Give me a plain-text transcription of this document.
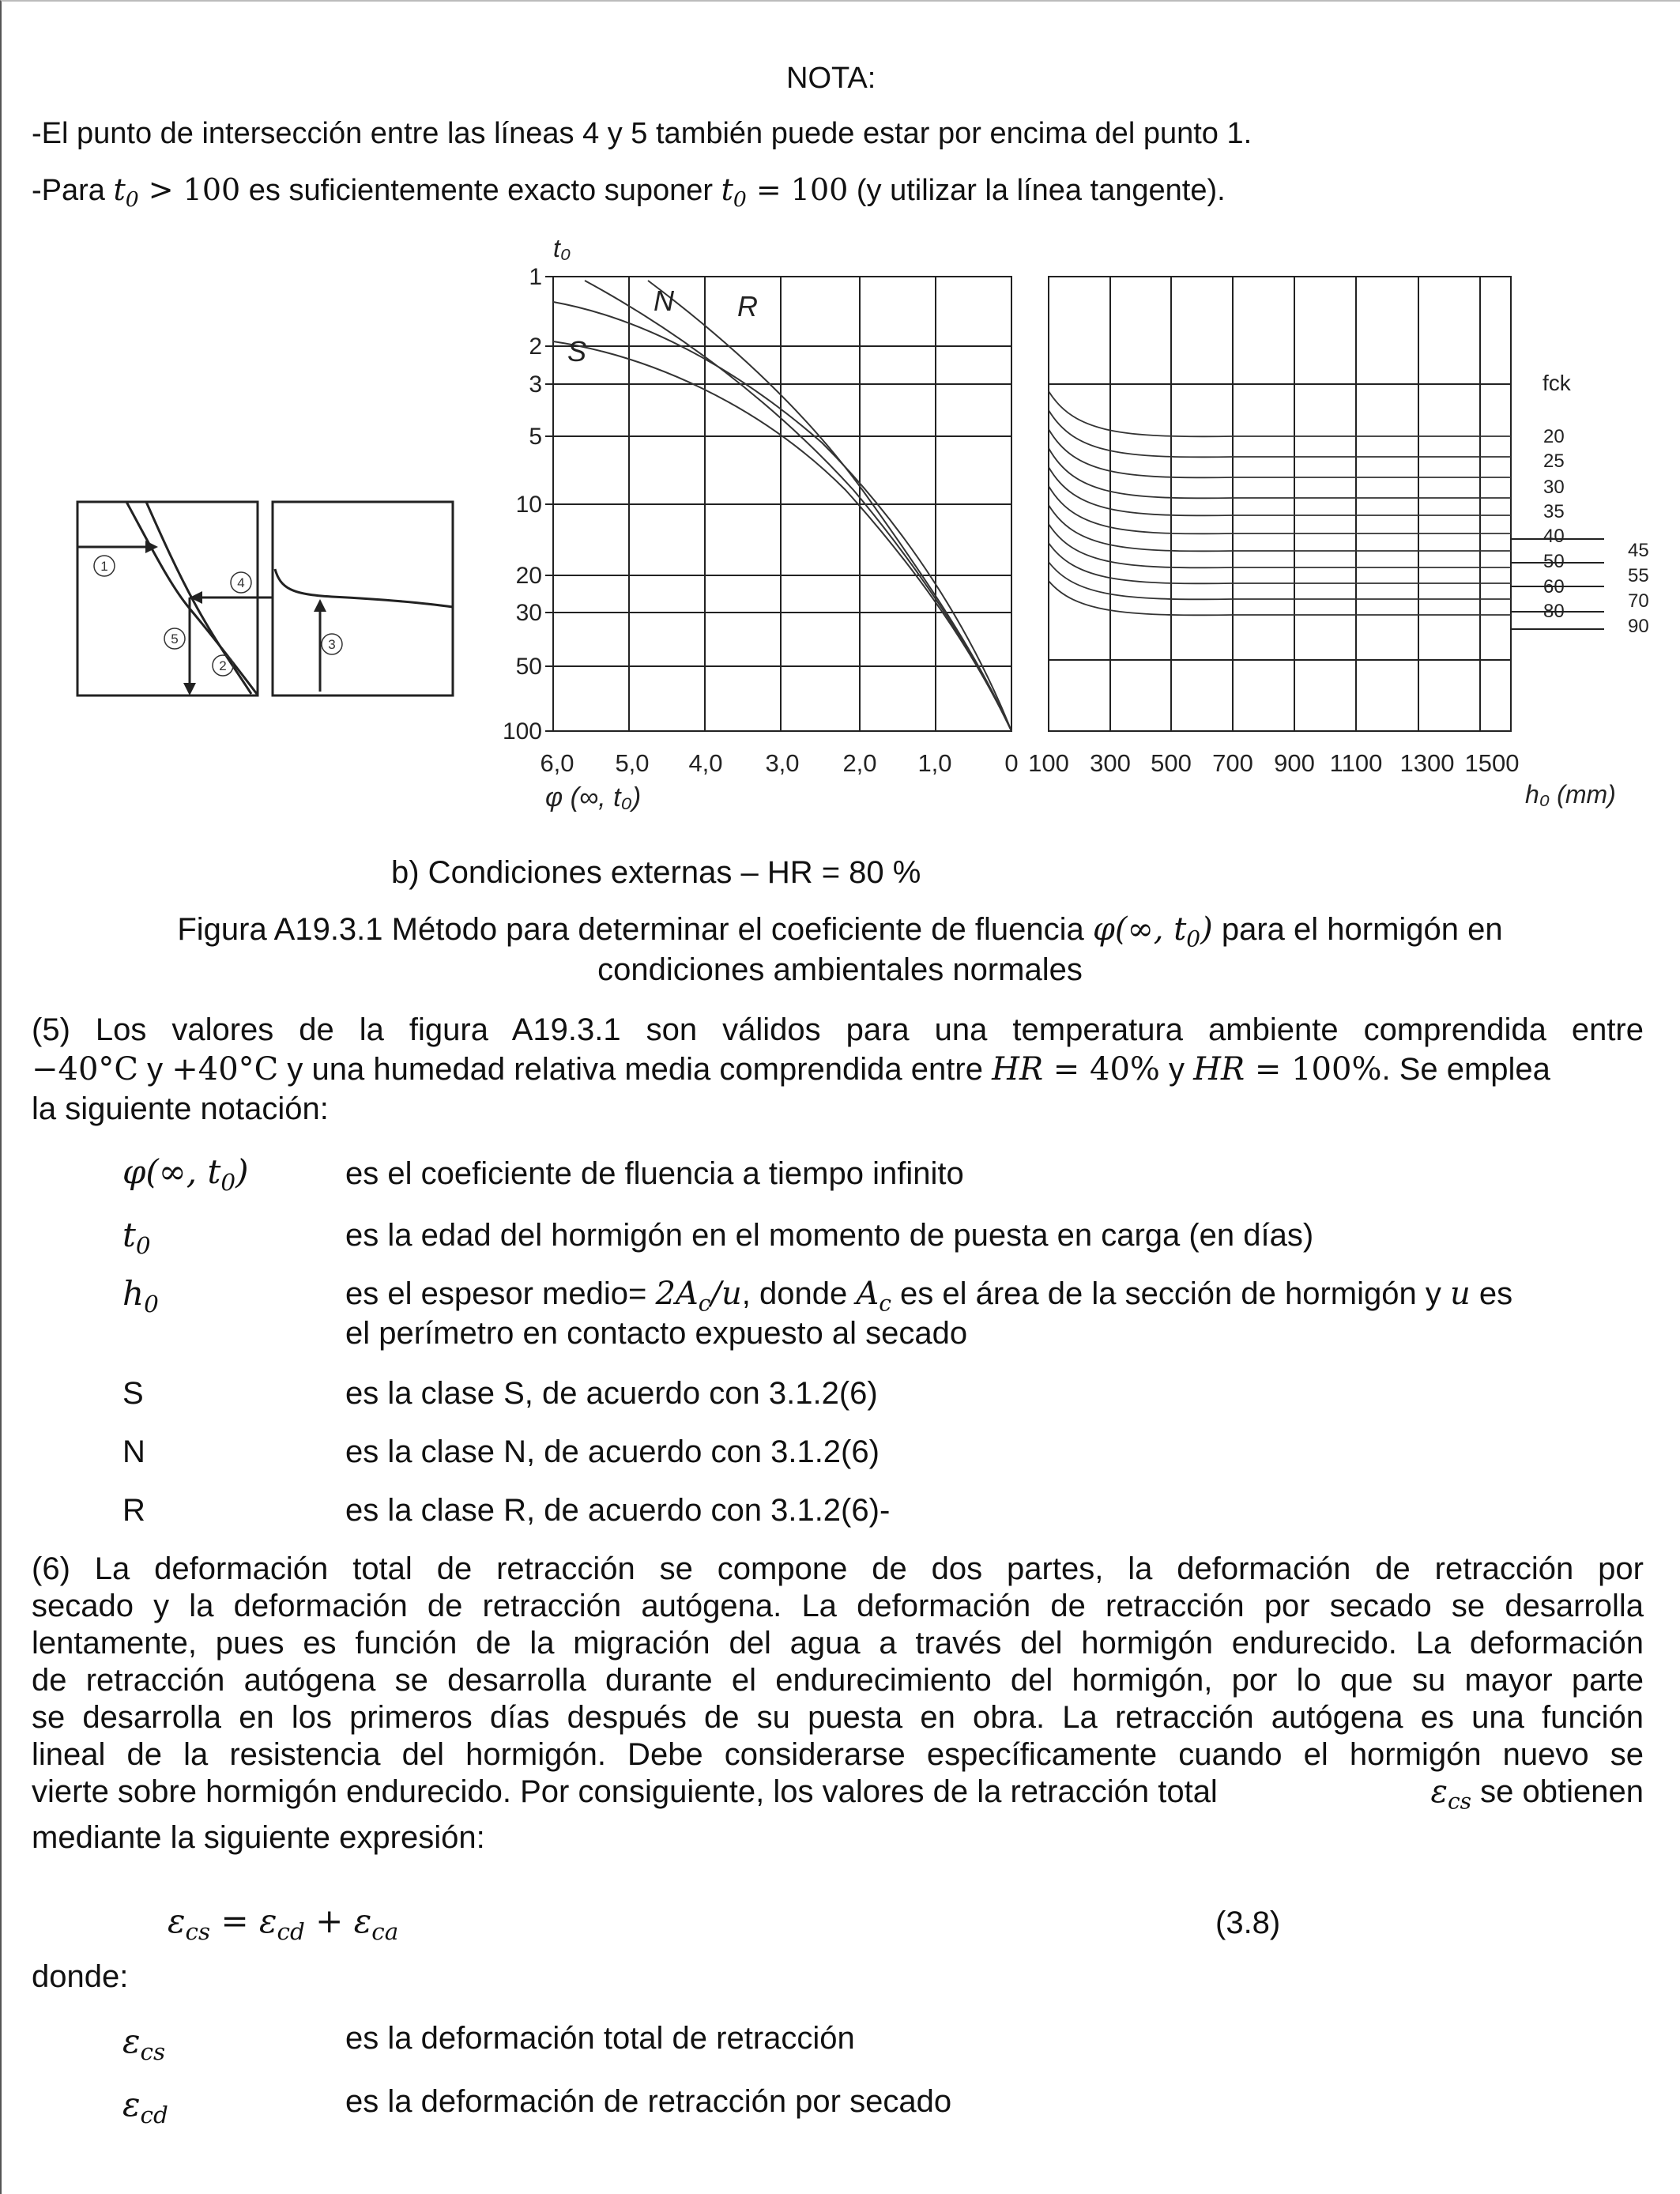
NOTA:
-El punto de intersección entre las líneas 4 y 5 también puede estar por encima del punto 1.
-Para $t_0 > 100$ es suficientemente exacto suponer $t_0 = 100$ (y utilizar la línea tangente).
1
2
3
4
5
1
2
3
5
10
20
30
50
100
6,0 5,0 4,0 3,0 2,0 1,0 0
t₀
φ (∞, t₀)
N R
S
100 300 500 700 900 1100 1300 1500
h₀ (mm)
fck
20
25
30
35
40
50
60
80
45
55
70
90
b) Condiciones externas – HR = 80 %
Figura A19.3.1 Método para determinar el coeficiente de fluencia φ(∞, $t_0$) para el hormigón en
condiciones ambientales normales
(5) Los valores de la figura A19.3.1 son válidos para una temperatura ambiente comprendida entre
−40°C y +40°C y una humedad relativa media comprendida entre HR = 40% y HR = 100%. Se emplea
la siguiente notación:
φ(∞, $t_0$)	es el coeficiente de fluencia a tiempo infinito
$t_0$	es la edad del hormigón en el momento de puesta en carga (en días)
$h_0$	es el espesor medio= $2A_c/u$, donde $A_c$ es el área de la sección de hormigón y u es
el perímetro en contacto expuesto al secado
S	es la clase S, de acuerdo con 3.1.2(6)
N	es la clase N, de acuerdo con 3.1.2(6)
R	es la clase R, de acuerdo con 3.1.2(6)-
(6) La deformación total de retracción se compone de dos partes, la deformación de retracción por
secado y la deformación de retracción autógena. La deformación de retracción por secado se desarrolla
lentamente, pues es función de la migración del agua a través del hormigón endurecido. La deformación
de retracción autógena se desarrolla durante el endurecimiento del hormigón, por lo que su mayor parte
se desarrolla en los primeros días después de su puesta en obra. La retracción autógena es una función
lineal de la resistencia del hormigón. Debe considerarse específicamente cuando el hormigón nuevo se
vierte sobre hormigón endurecido. Por consiguiente, los valores de la retracción total	$\varepsilon_{cs}$ se obtienen
mediante la siguiente expresión:
$\varepsilon_{cs} = \varepsilon_{cd} + \varepsilon_{ca}$	(3.8)
donde:
$\varepsilon_{cs}$	es la deformación total de retracción
$\varepsilon_{cd}$	es la deformación de retracción por secado
